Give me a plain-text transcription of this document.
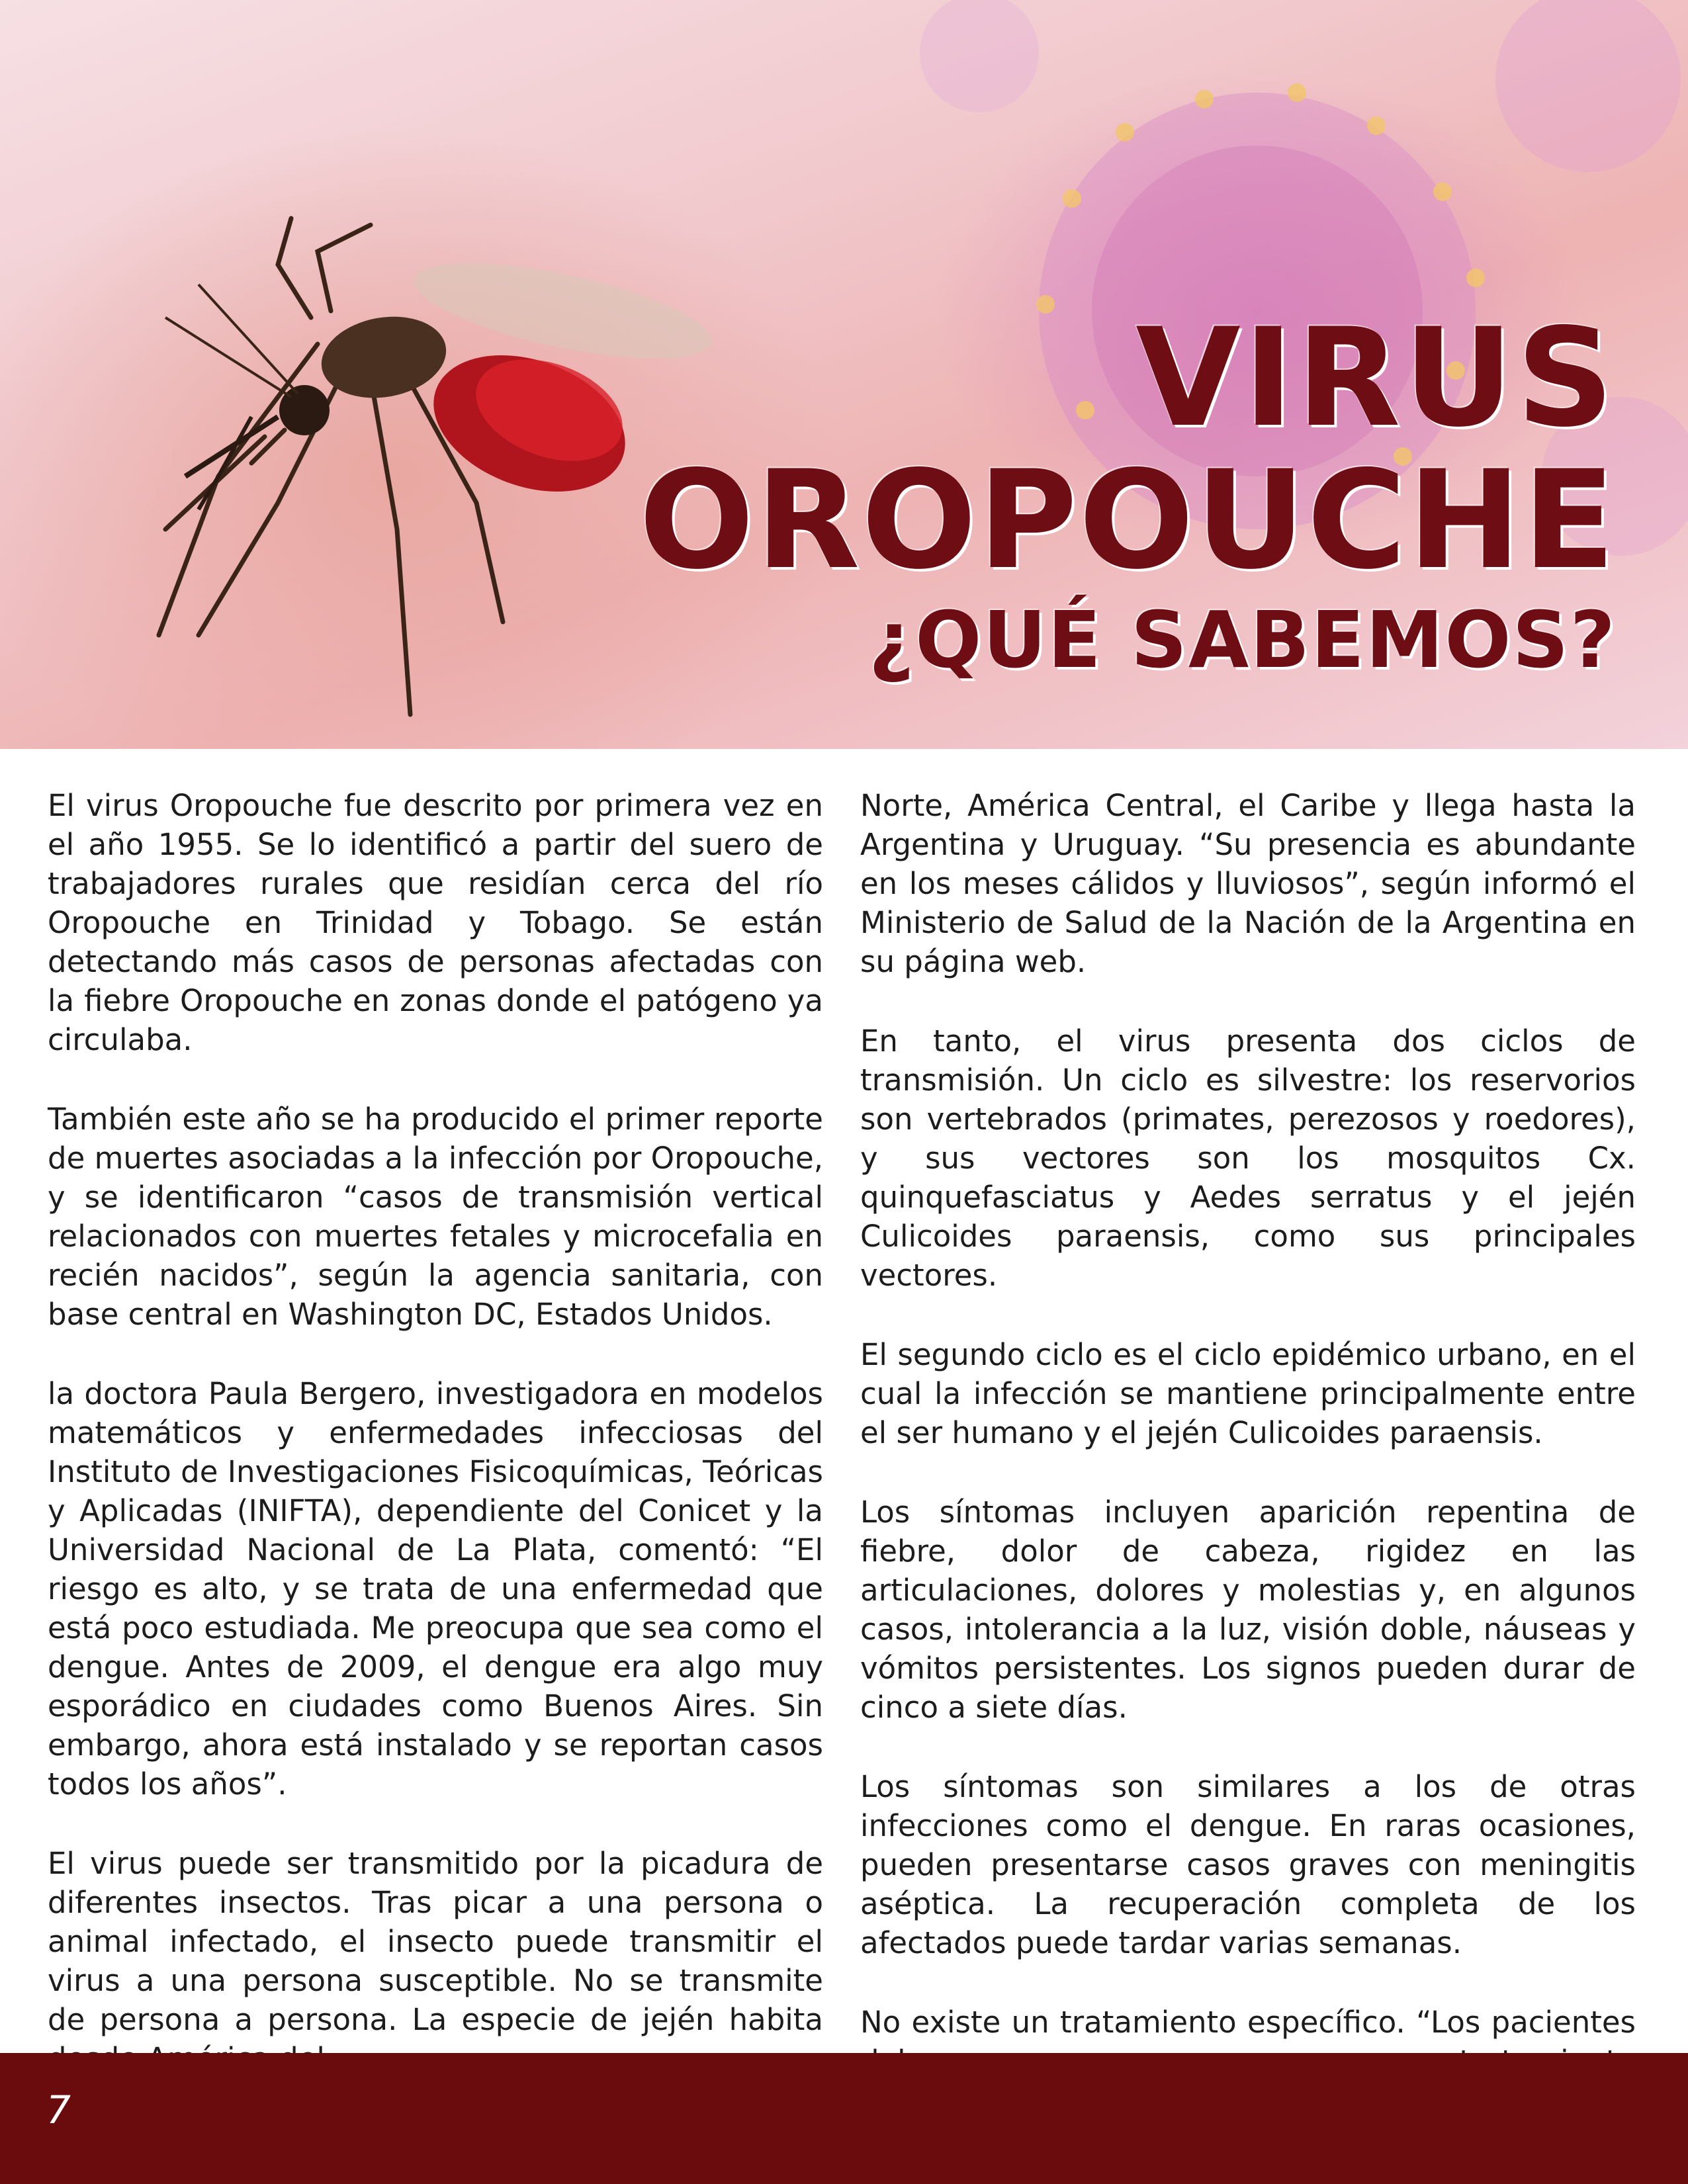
VIRUS
OROPOUCHE
¿QUÉ SABEMOS?

El virus Oropouche fue descrito por primera vez en el año 1955. Se lo identificó a partir del suero de trabajadores rurales que residían cerca del río Oropouche en Trinidad y Tobago. Se están detectando más casos de personas afectadas con la fiebre Oropouche en zonas donde el patógeno ya circulaba.

También este año se ha producido el primer reporte de muertes asociadas a la infección por Oropouche, y se identificaron “casos de transmisión vertical relacionados con muertes fetales y microcefalia en recién nacidos”, según la agencia sanitaria, con base central en Washington DC, Estados Unidos.

la doctora Paula Bergero, investigadora en modelos matemáticos y enfermedades infecciosas del Instituto de Investigaciones Fisicoquímicas, Teóricas y Aplicadas (INIFTA), dependiente del Conicet y la Universidad Nacional de La Plata, comentó: “El riesgo es alto, y se trata de una enfermedad que está poco estudiada. Me preocupa que sea como el dengue. Antes de 2009, el dengue era algo muy esporádico en ciudades como Buenos Aires. Sin embargo, ahora está instalado y se reportan casos todos los años”.

El virus puede ser transmitido por la picadura de diferentes insectos. Tras picar a una persona o animal infectado, el insecto puede transmitir el virus a una persona susceptible. No se transmite de persona a persona. La especie de jején habita

Norte, América Central, el Caribe y llega hasta la Argentina y Uruguay. “Su presencia es abundante en los meses cálidos y lluviosos”, según informó el Ministerio de Salud de la Nación de la Argentina en su página web.

En tanto, el virus presenta dos ciclos de transmisión. Un ciclo es silvestre: los reservorios son vertebrados (primates, perezosos y roedores), y sus vectores son los mosquitos Cx. quinquefasciatus y Aedes serratus y el jején Culicoides paraensis, como sus principales vectores.

El segundo ciclo es el ciclo epidémico urbano, en el cual la infección se mantiene principalmente entre el ser humano y el jején Culicoides paraensis.

Los síntomas incluyen aparición repentina de fiebre, dolor de cabeza, rigidez en las articulaciones, dolores y molestias y, en algunos casos, intolerancia a la luz, visión doble, náuseas y vómitos persistentes. Los signos pueden durar de cinco a siete días.

Los síntomas son similares a los de otras infecciones como el dengue. En raras ocasiones, pueden presentarse casos graves con meningitis aséptica. La recuperación completa de los afectados puede tardar varias semanas.

No existe un tratamiento específico. “Los pacientes

7
